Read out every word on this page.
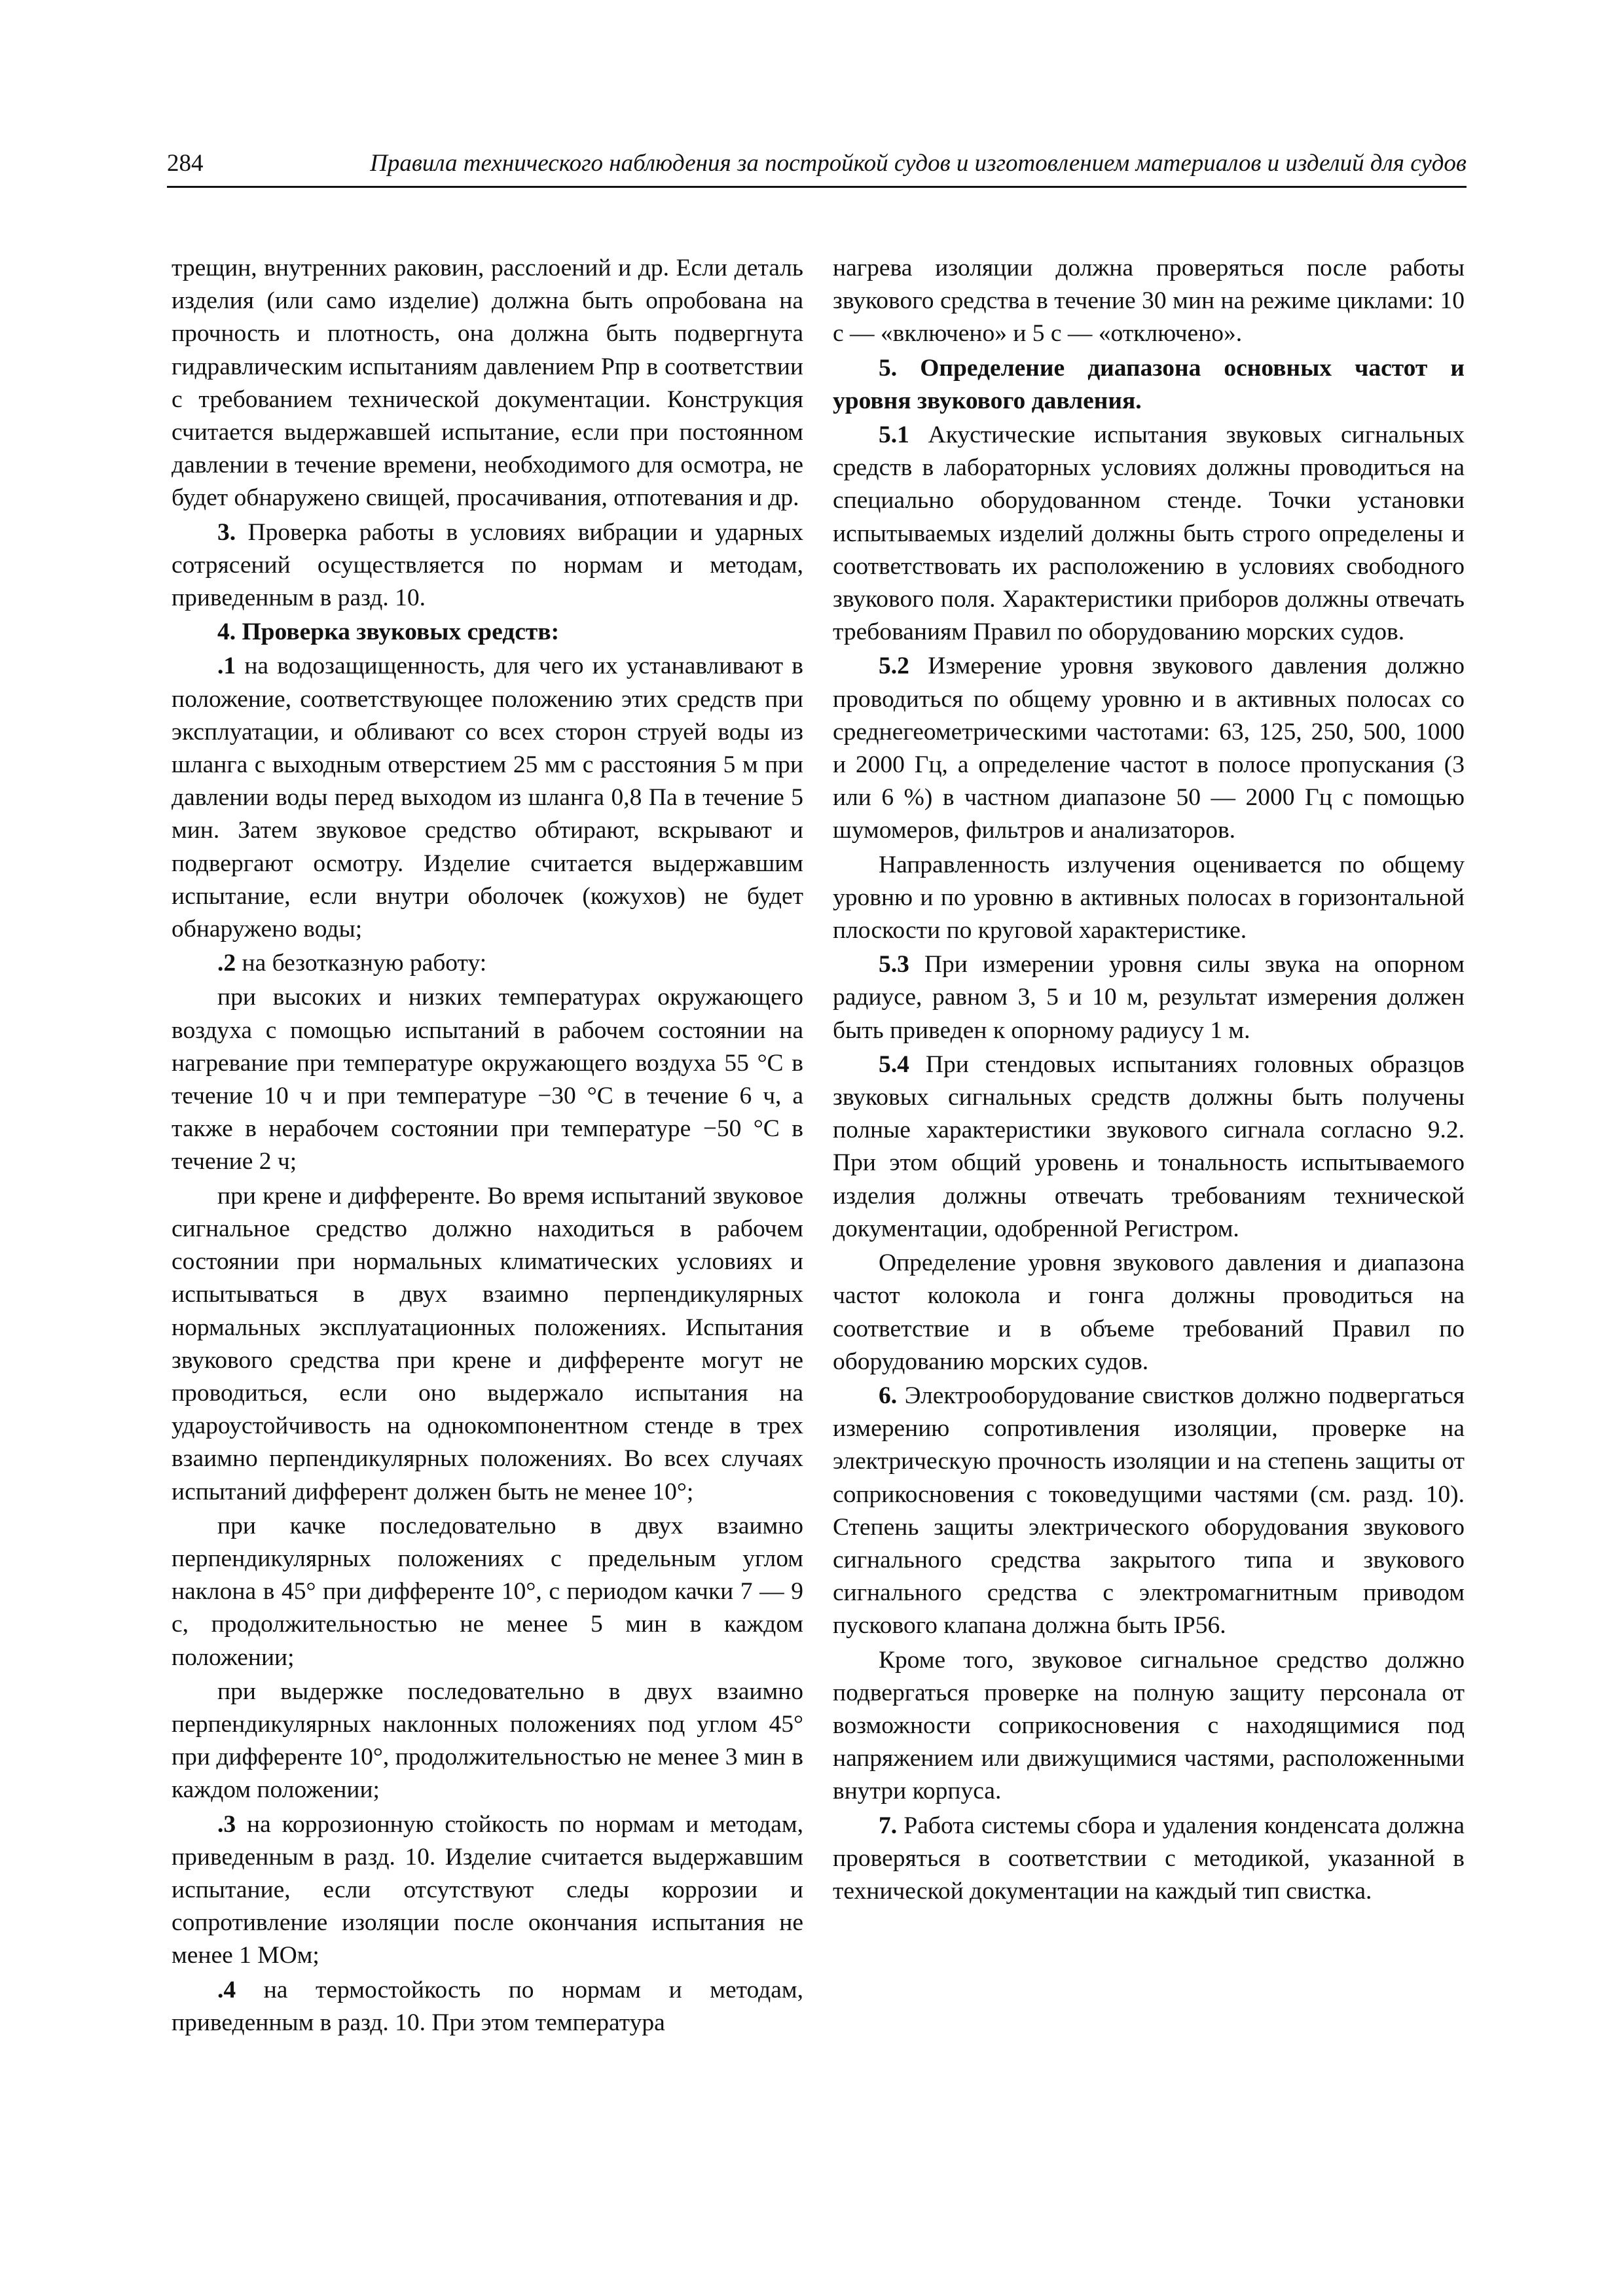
284	Правила технического наблюдения за постройкой судов и изготовлением материалов и изделий для судов

трещин, внутренних раковин, расслоений и др. Если деталь изделия (или само изделие) должна быть опробована на прочность и плотность, она должна быть подвергнута гидравлическим испытаниям давлением Pпр в соответствии с требованием технической документации. Конструкция считается выдержавшей испытание, если при постоянном давлении в течение времени, необходимого для осмотра, не будет обнаружено свищей, просачивания, отпотевания и др.

3. Проверка работы в условиях вибрации и ударных сотрясений осуществляется по нормам и методам, приведенным в разд. 10.

4. Проверка звуковых средств:

.1 на водозащищенность, для чего их устанавливают в положение, соответствующее положению этих средств при эксплуатации, и обливают со всех сторон струей воды из шланга с выходным отверстием 25 мм с расстояния 5 м при давлении воды перед выходом из шланга 0,8 Па в течение 5 мин. Затем звуковое средство обтирают, вскрывают и подвергают осмотру. Изделие считается выдержавшим испытание, если внутри оболочек (кожухов) не будет обнаружено воды;

.2 на безотказную работу:

при высоких и низких температурах окружающего воздуха с помощью испытаний в рабочем состоянии на нагревание при температуре окружающего воздуха 55 °С в течение 10 ч и при температуре −30 °С в течение 6 ч, а также в нерабочем состоянии при температуре −50 °С в течение 2 ч;

при крене и дифференте. Во время испытаний звуковое сигнальное средство должно находиться в рабочем состоянии при нормальных климатических условиях и испытываться в двух взаимно перпендикулярных нормальных эксплуатационных положениях. Испытания звукового средства при крене и дифференте могут не проводиться, если оно выдержало испытания на удароустойчивость на однокомпонентном стенде в трех взаимно перпендикулярных положениях. Во всех случаях испытаний дифферент должен быть не менее 10°;

при качке последовательно в двух взаимно перпендикулярных положениях с предельным углом наклона в 45° при дифференте 10°, с периодом качки 7 — 9 с, продолжительностью не менее 5 мин в каждом положении;

при выдержке последовательно в двух взаимно перпендикулярных наклонных положениях под углом 45° при дифференте 10°, продолжительностью не менее 3 мин в каждом положении;

.3 на коррозионную стойкость по нормам и методам, приведенным в разд. 10. Изделие считается выдержавшим испытание, если отсутствуют следы коррозии и сопротивление изоляции после окончания испытания не менее 1 МОм;

.4 на термостойкость по нормам и методам, приведенным в разд. 10. При этом температура

нагрева изоляции должна проверяться после работы звукового средства в течение 30 мин на режиме циклами: 10 с — «включено» и 5 с — «отключено».

5. Определение диапазона основных частот и уровня звукового давления.

5.1 Акустические испытания звуковых сигнальных средств в лабораторных условиях должны проводиться на специально оборудованном стенде. Точки установки испытываемых изделий должны быть строго определены и соответствовать их расположению в условиях свободного звукового поля. Характеристики приборов должны отвечать требованиям Правил по оборудованию морских судов.

5.2 Измерение уровня звукового давления должно проводиться по общему уровню и в активных полосах со среднегеометрическими частотами: 63, 125, 250, 500, 1000 и 2000 Гц, а определение частот в полосе пропускания (3 или 6 %) в частном диапазоне 50 — 2000 Гц с помощью шумомеров, фильтров и анализаторов.

Направленность излучения оценивается по общему уровню и по уровню в активных полосах в горизонтальной плоскости по круговой характеристике.

5.3 При измерении уровня силы звука на опорном радиусе, равном 3, 5 и 10 м, результат измерения должен быть приведен к опорному радиусу 1 м.

5.4 При стендовых испытаниях головных образцов звуковых сигнальных средств должны быть получены полные характеристики звукового сигнала согласно 9.2. При этом общий уровень и тональность испытываемого изделия должны отвечать требованиям технической документации, одобренной Регистром.

Определение уровня звукового давления и диапазона частот колокола и гонга должны проводиться на соответствие и в объеме требований Правил по оборудованию морских судов.

6. Электрооборудование свистков должно подвергаться измерению сопротивления изоляции, проверке на электрическую прочность изоляции и на степень защиты от соприкосновения с токоведущими частями (см. разд. 10). Степень защиты электрического оборудования звукового сигнального средства закрытого типа и звукового сигнального средства с электромагнитным приводом пускового клапана должна быть IP56.

Кроме того, звуковое сигнальное средство должно подвергаться проверке на полную защиту персонала от возможности соприкосновения с находящимися под напряжением или движущимися частями, расположенными внутри корпуса.

7. Работа системы сбора и удаления конденсата должна проверяться в соответствии с методикой, указанной в технической документации на каждый тип свистка.
